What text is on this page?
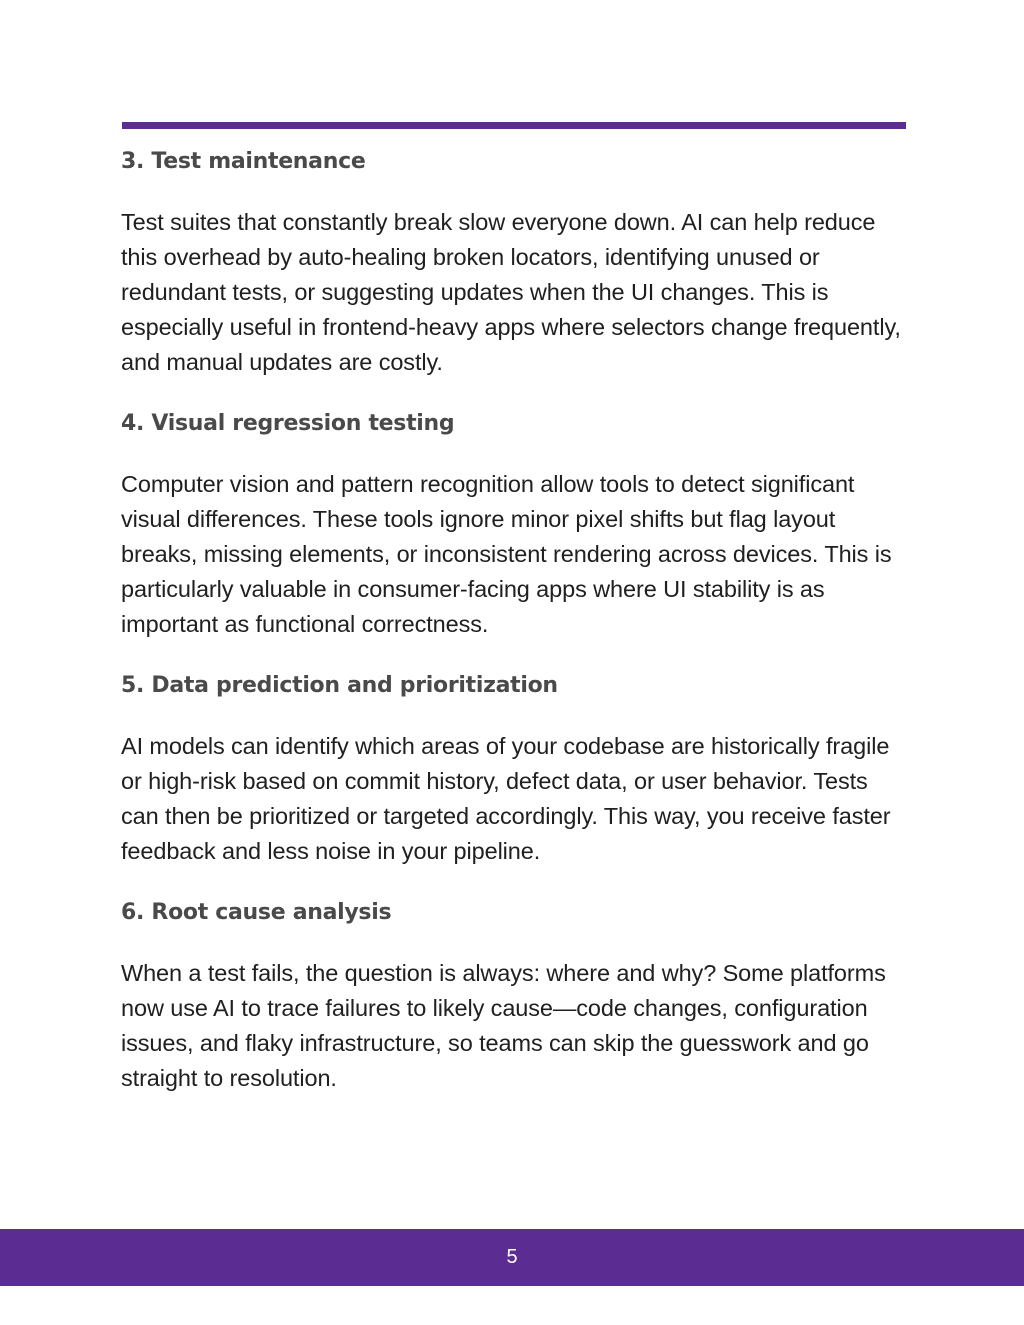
3. Test maintenance

Test suites that constantly break slow everyone down. AI can help reduce this overhead by auto-healing broken locators, identifying unused or redundant tests, or suggesting updates when the UI changes. This is especially useful in frontend-heavy apps where selectors change frequently, and manual updates are costly.

4. Visual regression testing

Computer vision and pattern recognition allow tools to detect significant visual differences. These tools ignore minor pixel shifts but flag layout breaks, missing elements, or inconsistent rendering across devices. This is particularly valuable in consumer-facing apps where UI stability is as important as functional correctness.

5. Data prediction and prioritization

AI models can identify which areas of your codebase are historically fragile or high-risk based on commit history, defect data, or user behavior. Tests can then be prioritized or targeted accordingly. This way, you receive faster feedback and less noise in your pipeline.

6. Root cause analysis

When a test fails, the question is always: where and why? Some platforms now use AI to trace failures to likely cause—code changes, configuration issues, and flaky infrastructure, so teams can skip the guesswork and go straight to resolution.

5
